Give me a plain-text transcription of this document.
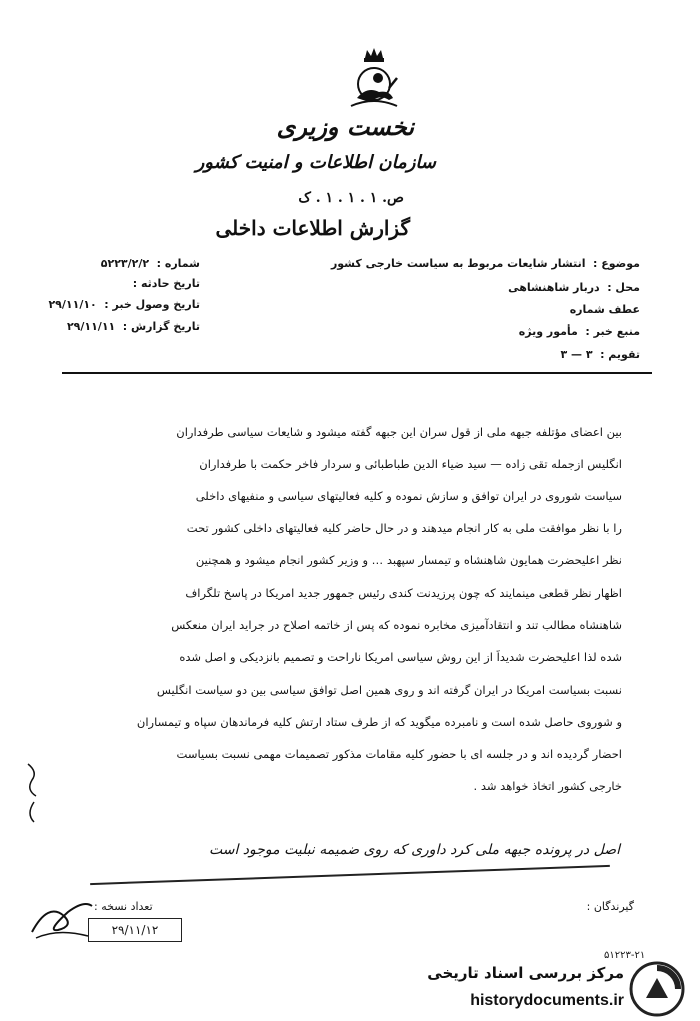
نخست وزیری
سازمان اطلاعات و امنیت کشور
ص. ۱ . ۱ . ۱ . ک
گزارش اطلاعات داخلی
موضوع : انتشار شایعات مربوط به سیاست خارجی کشور
محل : دربار شاهنشاهی
عطف شماره
منبع خبر : مأمور ویژه
تقویم : ۳ — ۳
شماره : ۵۲۲۳/۲/۲
تاریخ حادثه :
تاریخ وصول خبر : ۲۹/۱۱/۱۰
تاریخ گزارش : ۲۹/۱۱/۱۱
بین اعضای مؤتلفه جبهه ملی از قول سران این جبهه گفته میشود و شایعات سیاسی طرفداران
انگلیس ازجمله تقی زاده — سید ضیاء الدین طباطبائی و سردار فاخر حکمت با طرفداران
سیاست شوروی در ایران توافق و سازش نموده و کلیه فعالیتهای سیاسی و منفیهای داخلی
را با نظر موافقت ملی به کار انجام میدهند و در حال حاضر کلیه فعالیتهای داخلی کشور تحت
نظر اعلیحضرت همایون شاهنشاه و تیمسار سپهبد … و وزیر کشور انجام میشود و همچنین
اظهار نظر قطعی مینمایند که چون پرزیدنت کندی رئیس جمهور جدید امریکا در پاسخ تلگراف
شاهنشاه مطالب تند و انتقادآمیزی مخابره نموده که پس از خاتمه اصلاح در جراید ایران منعکس
شده لذا اعلیحضرت شدیداً از این روش سیاسی امریکا ناراحت و تصمیم بانزدیکی و اصل شده
نسبت بسیاست امریکا در ایران گرفته اند و روی همین اصل توافق سیاسی بین دو سیاست انگلیس
و شوروی حاصل شده است و نامبرده میگوید که از طرف ستاد ارتش کلیه فرماندهان سپاه و تیمساران
احضار گردیده اند و در جلسه ای با حضور کلیه مقامات مذکور تصمیمات مهمی نسبت بسیاست
خارجی کشور اتخاذ خواهد شد .
اصل در پرونده جبهه ملی کرد داوری که روی ضمیمه نبلیت موجود است
گیرندگان :
تعداد نسخه :
۲۹/۱۱/۱۲
۵۱۲۲۳-۲۱
مرکز بررسی اسناد تاریخی
historydocuments.ir
